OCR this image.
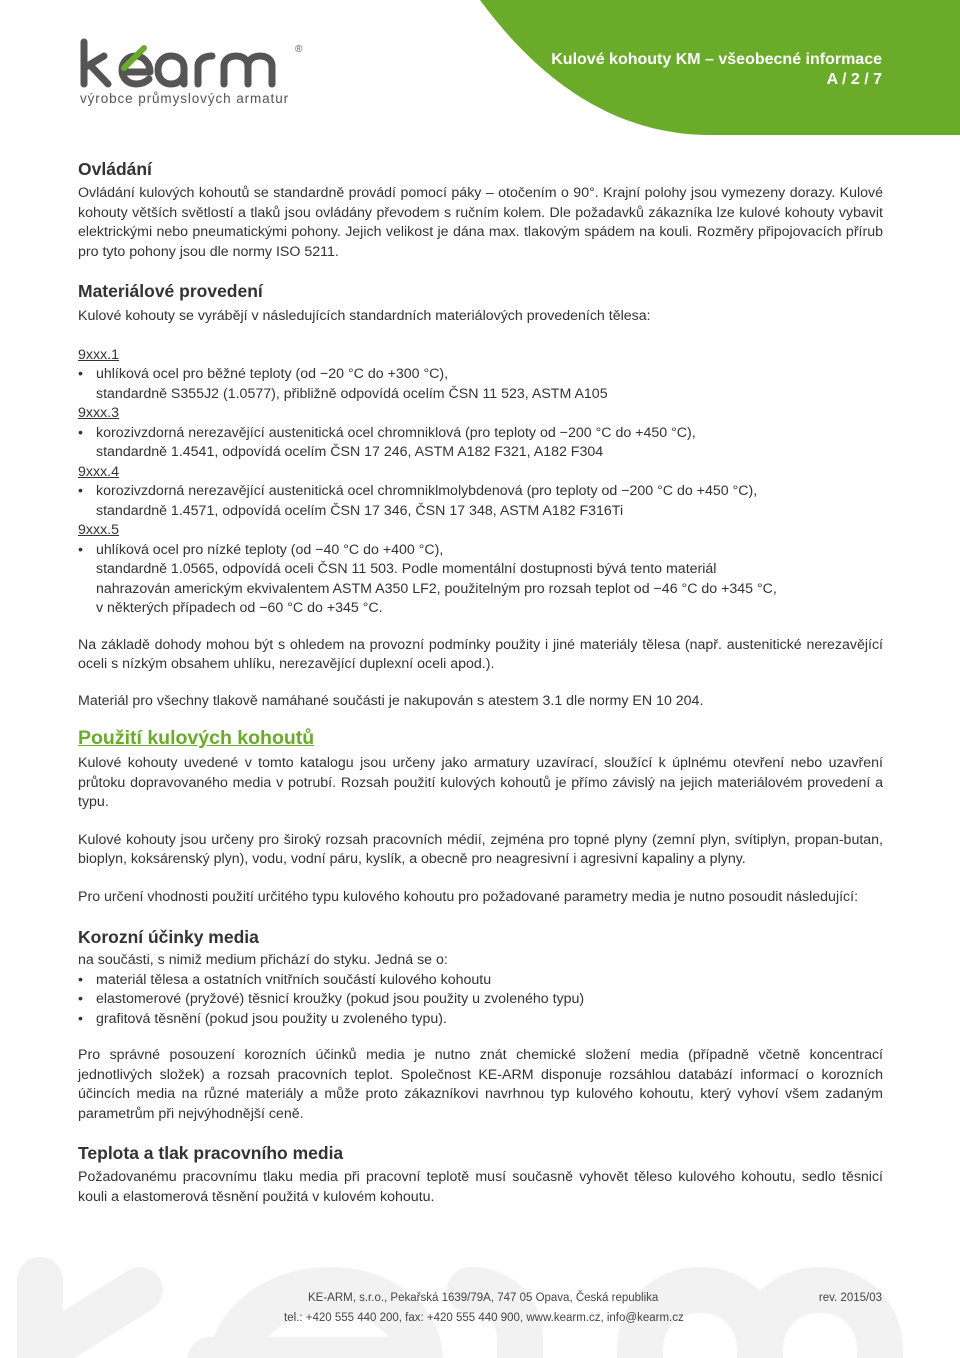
®
výrobce průmyslových armatur
Kulové kohouty KM – všeobecné informace
A / 2 / 7
Ovládání

Ovládání kulových kohoutů se standardně provádí pomocí páky – otočením o 90°. Krajní polohy jsou vymezeny dorazy. Kulové kohouty větších světlostí a tlaků jsou ovládány převodem s ručním kolem. Dle požadavků zákazníka lze kulové kohouty vybavit elektrickými nebo pneumatickými pohony. Jejich velikost je dána max. tlakovým spádem na kouli. Rozměry připojovacích přírub pro tyto pohony jsou dle normy ISO 5211.

Materiálové provedení

Kulové kohouty se vyrábějí v následujících standardních materiálových provedeních tělesa:

9xxx.1
• uhlíková ocel pro běžné teploty (od −20 °C do +300 °C),
standardně S355J2 (1.0577), přibližně odpovídá ocelím ČSN 11 523, ASTM A105
9xxx.3
• korozivzdorná nerezavějící austenitická ocel chromniklová (pro teploty od −200 °C do +450 °C),
standardně 1.4541, odpovídá ocelím ČSN 17 246, ASTM A182 F321, A182 F304
9xxx.4
• korozivzdorná nerezavějící austenitická ocel chromniklmolybdenová (pro teploty od −200 °C do +450 °C),
standardně 1.4571, odpovídá ocelím ČSN 17 346, ČSN 17 348, ASTM A182 F316Ti
9xxx.5
• uhlíková ocel pro nízké teploty (od −40 °C do +400 °C),
standardně 1.0565, odpovídá oceli ČSN 11 503. Podle momentální dostupnosti bývá tento materiál
nahrazován americkým ekvivalentem ASTM A350 LF2, použitelným pro rozsah teplot od −46 °C do +345 °C,
v některých případech od −60 °C do +345 °C.

Na základě dohody mohou být s ohledem na provozní podmínky použity i jiné materiály tělesa (např. austenitické nerezavějící oceli s nízkým obsahem uhlíku, nerezavějící duplexní oceli apod.).

Materiál pro všechny tlakově namáhané součásti je nakupován s atestem 3.1 dle normy EN 10 204.

Použití kulových kohoutů

Kulové kohouty uvedené v tomto katalogu jsou určeny jako armatury uzavírací, sloužící k úplnému otevření nebo uzavření průtoku dopravovaného media v potrubí. Rozsah použití kulových kohoutů je přímo závislý na jejich materiálovém provedení a typu.

Kulové kohouty jsou určeny pro široký rozsah pracovních médií, zejména pro topné plyny (zemní plyn, svítiplyn, propan-butan, bioplyn, koksárenský plyn), vodu, vodní páru, kyslík, a obecně pro neagresivní i agresivní kapaliny a plyny.

Pro určení vhodnosti použití určitého typu kulového kohoutu pro požadované parametry media je nutno posoudit následující:

Korozní účinky media

na součásti, s nimiž medium přichází do styku. Jedná se o:

• materiál tělesa a ostatních vnitřních součástí kulového kohoutu
• elastomerové (pryžové) těsnicí kroužky (pokud jsou použity u zvoleného typu)
• grafitová těsnění (pokud jsou použity u zvoleného typu).

Pro správné posouzení korozních účinků media je nutno znát chemické složení media (případně včetně koncentrací jednotlivých složek) a rozsah pracovních teplot. Společnost KE-ARM disponuje rozsáhlou databází informací o korozních účincích media na různé materiály a může proto zákazníkovi navrhnou typ kulového kohoutu, který vyhoví všem zadaným parametrům při nejvýhodnější ceně.

Teplota a tlak pracovního media

Požadovanému pracovnímu tlaku media při pracovní teplotě musí současně vyhovět těleso kulového kohoutu, sedlo těsnicí kouli a elastomerová těsnění použitá v kulovém kohoutu.

KE-ARM, s.r.o., Pekařská 1639/79A, 747 05 Opava, Česká republika	rev. 2015/03
tel.: +420 555 440 200, fax: +420 555 440 900, www.kearm.cz, info@kearm.cz
